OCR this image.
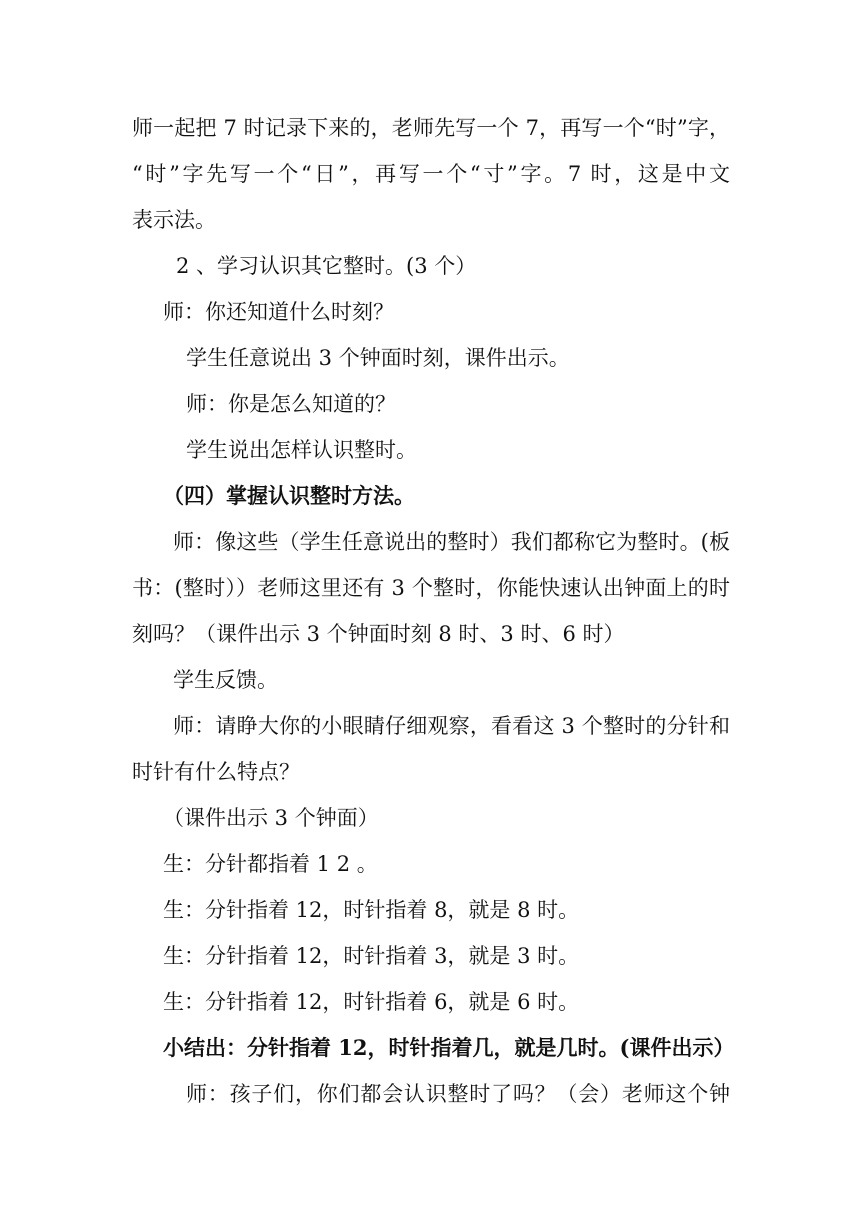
师一起把 7 时记录下来的，老师先写一个 7，再写一个“时”字，
“时”字先写一个“日”，再写一个“寸”字。7 时，这是中文
表示法。
2 、学习认识其它整时。(3 个）
师：你还知道什么时刻？
学生任意说出 3 个钟面时刻，课件出示。
师：你是怎么知道的？
学生说出怎样认识整时。
（四）掌握认识整时方法。
师：像这些（学生任意说出的整时）我们都称它为整时。(板
书：(整时））老师这里还有 3 个整时，你能快速认出钟面上的时
刻吗？（课件出示 3 个钟面时刻 8 时、3 时、6 时）
学生反馈。
师：请睁大你的小眼睛仔细观察，看看这 3 个整时的分针和
时针有什么特点？
（课件出示 3 个钟面）
生：分针都指着 1 2 。
生：分针指着 12，时针指着 8，就是 8 时。
生：分针指着 12，时针指着 3，就是 3 时。
生：分针指着 12，时针指着 6，就是 6 时。
小结出：分针指着 12，时针指着几，就是几时。(课件出示）
师：孩子们，你们都会认识整时了吗？（会）老师这个钟
